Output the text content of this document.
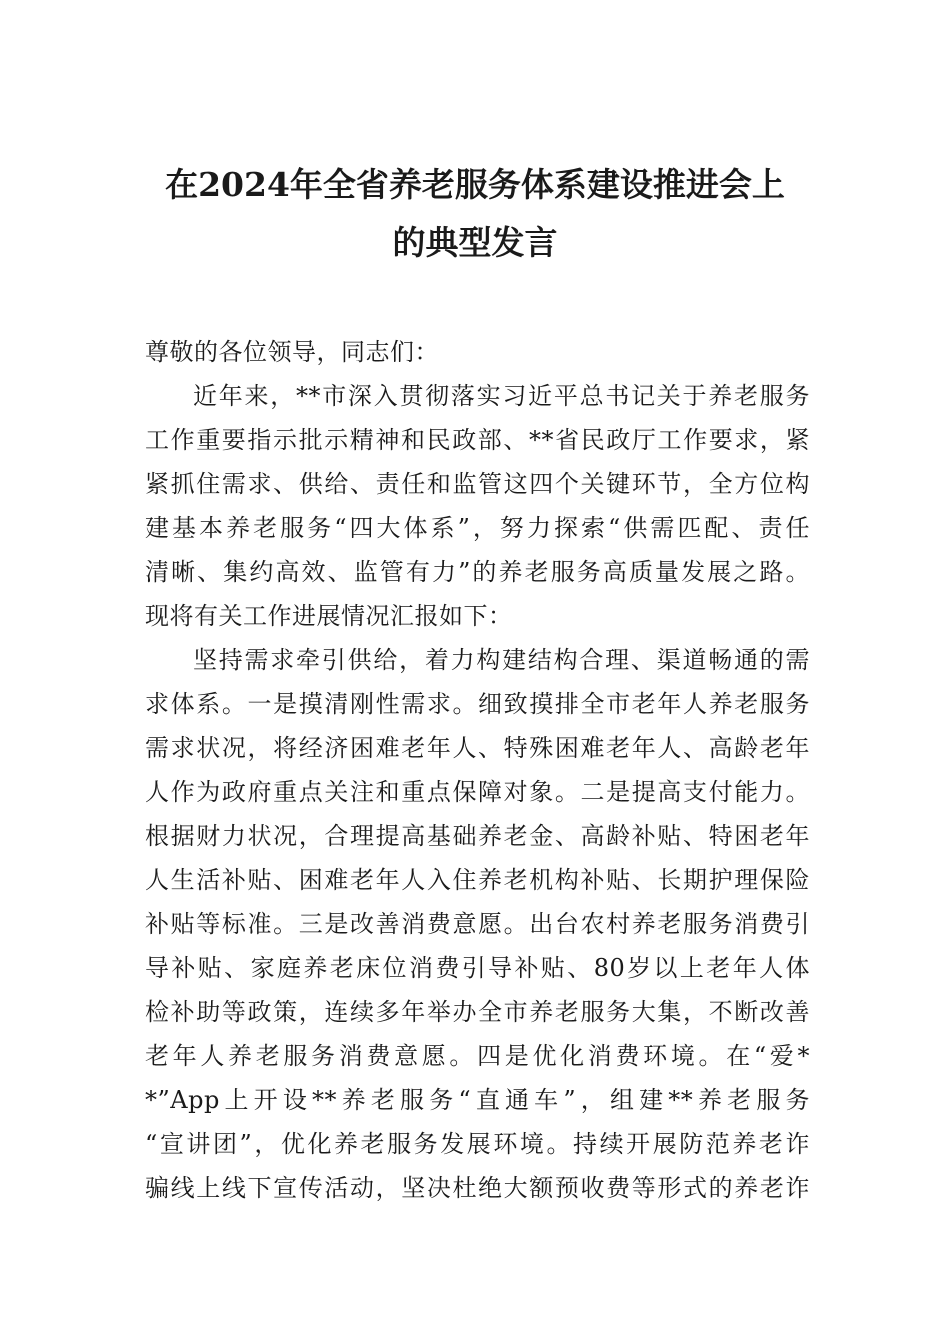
在2024年全省养老服务体系建设推进会上
的典型发言
尊敬的各位领导，同志们：
近年来，**市深入贯彻落实习近平总书记关于养老服务
工作重要指示批示精神和民政部、**省民政厅工作要求，紧
紧抓住需求、供给、责任和监管这四个关键环节，全方位构
建基本养老服务“四大体系”，努力探索“供需匹配、责任
清晰、集约高效、监管有力”的养老服务高质量发展之路。
现将有关工作进展情况汇报如下：
坚持需求牵引供给，着力构建结构合理、渠道畅通的需
求体系。一是摸清刚性需求。细致摸排全市老年人养老服务
需求状况，将经济困难老年人、特殊困难老年人、高龄老年
人作为政府重点关注和重点保障对象。二是提高支付能力。
根据财力状况，合理提高基础养老金、高龄补贴、特困老年
人生活补贴、困难老年人入住养老机构补贴、长期护理保险
补贴等标准。三是改善消费意愿。出台农村养老服务消费引
导补贴、家庭养老床位消费引导补贴、80岁以上老年人体
检补助等政策，连续多年举办全市养老服务大集，不断改善
老年人养老服务消费意愿。四是优化消费环境。在“爱*
*”App上开设**养老服务“直通车”，组建**养老服务
“宣讲团”，优化养老服务发展环境。持续开展防范养老诈
骗线上线下宣传活动，坚决杜绝大额预收费等形式的养老诈
